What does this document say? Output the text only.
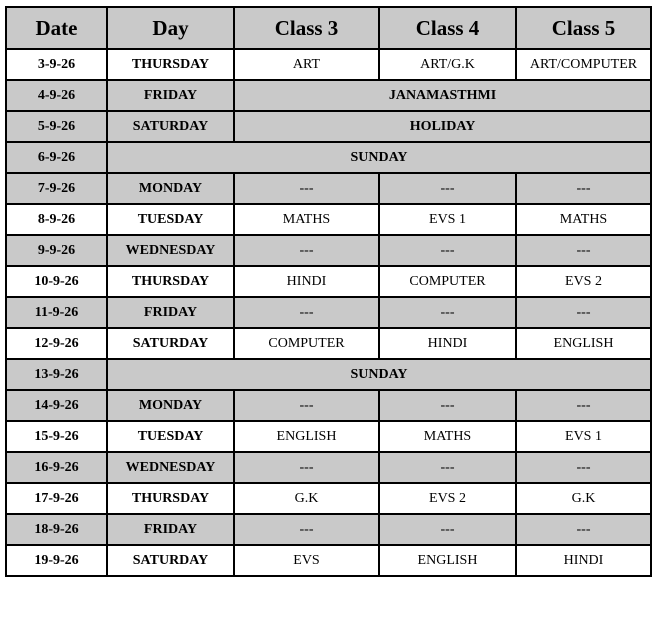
Date	Day	Class 3	Class 4	Class 5
3-9-26	THURSDAY	ART	ART/G.K	ART/COMPUTER
4-9-26	FRIDAY	JANAMASTHMI		
5-9-26	SATURDAY	HOLIDAY		
6-9-26	SUNDAY			
7-9-26	MONDAY	---	---	---
8-9-26	TUESDAY	MATHS	EVS 1	MATHS
9-9-26	WEDNESDAY	---	---	---
10-9-26	THURSDAY	HINDI	COMPUTER	EVS 2
11-9-26	FRIDAY	---	---	---
12-9-26	SATURDAY	COMPUTER	HINDI	ENGLISH
13-9-26	SUNDAY			
14-9-26	MONDAY	---	---	---
15-9-26	TUESDAY	ENGLISH	MATHS	EVS 1
16-9-26	WEDNESDAY	---	---	---
17-9-26	THURSDAY	G.K	EVS 2	G.K
18-9-26	FRIDAY	---	---	---
19-9-26	SATURDAY	EVS	ENGLISH	HINDI
